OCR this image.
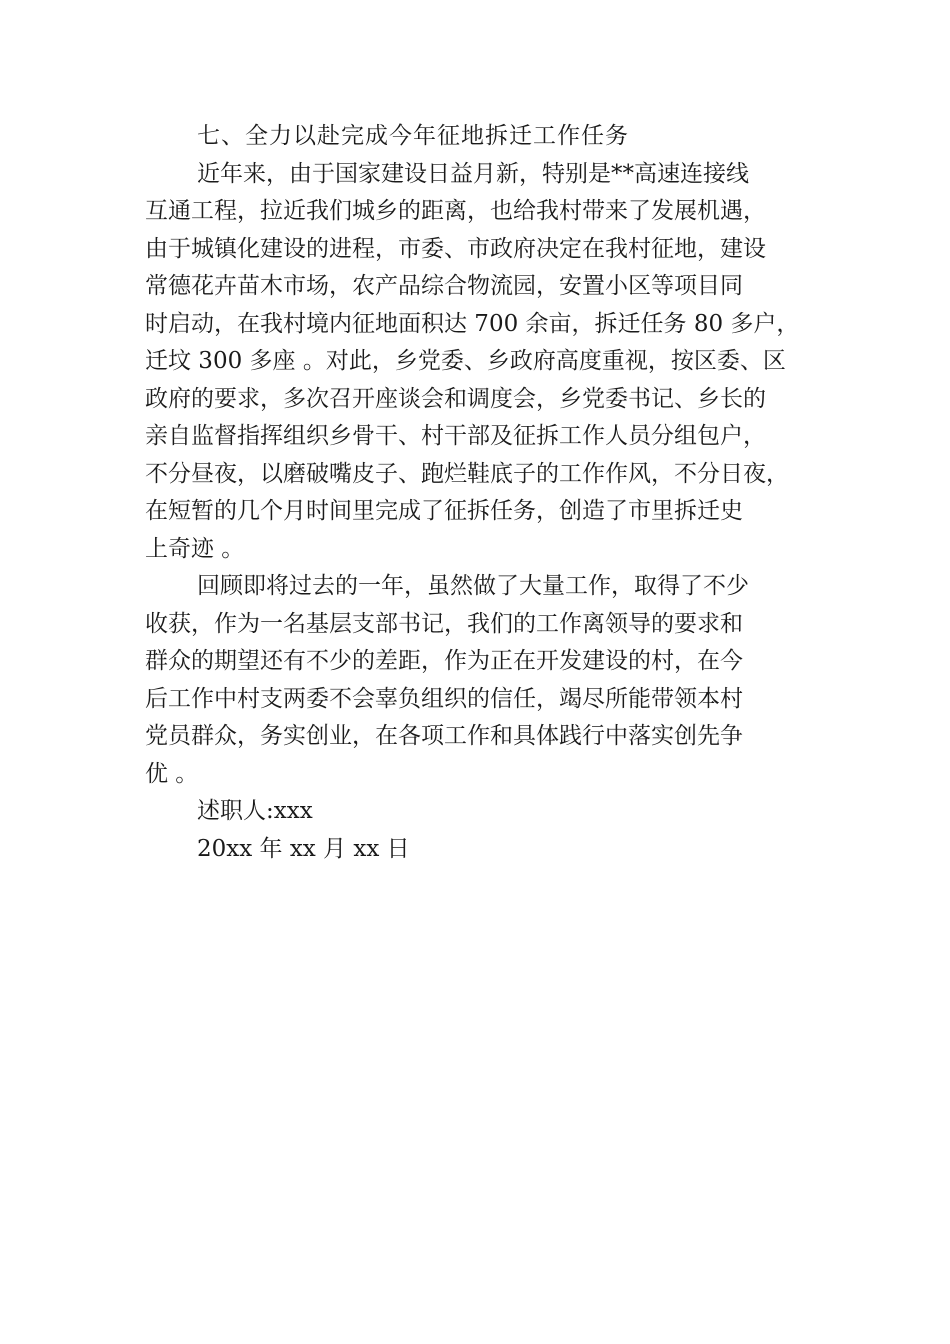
七、全力以赴完成今年征地拆迁工作任务
近年来，由于国家建设日益月新，特别是**高速连接线
互通工程，拉近我们城乡的距离，也给我村带来了发展机遇，
由于城镇化建设的进程，市委、市政府决定在我村征地，建设
常德花卉苗木市场，农产品综合物流园，安置小区等项目同
时启动，在我村境内征地面积达 700 余亩，拆迁任务 80 多户，
迁坟 300 多座 。对此，乡党委、乡政府高度重视，按区委、区
政府的要求，多次召开座谈会和调度会，乡党委书记、乡长的
亲自监督指挥组织乡骨干、村干部及征拆工作人员分组包户，
不分昼夜，以磨破嘴皮子、跑烂鞋底子的工作作风，不分日夜，
在短暂的几个月时间里完成了征拆任务，创造了市里拆迁史
上奇迹 。
回顾即将过去的一年，虽然做了大量工作，取得了不少
收获，作为一名基层支部书记，我们的工作离领导的要求和
群众的期望还有不少的差距，作为正在开发建设的村，在今
后工作中村支两委不会辜负组织的信任，竭尽所能带领本村
党员群众，务实创业，在各项工作和具体践行中落实创先争
优 。
述职人:xxx
20xx 年 xx 月 xx 日
